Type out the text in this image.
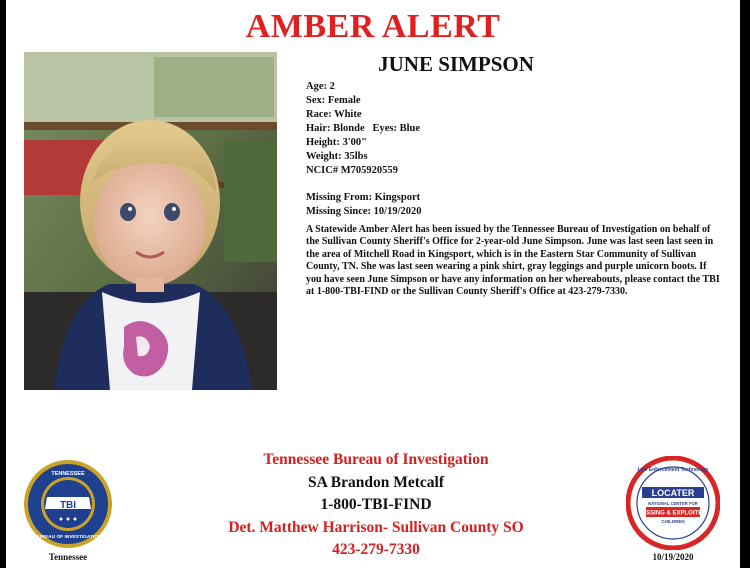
AMBER ALERT
JUNE SIMPSON
Age: 2
Sex: Female
Race: White
Hair: Blonde   Eyes: Blue
Height: 3'00"
Weight: 35lbs
NCIC# M705920559
Missing From: Kingsport
Missing Since: 10/19/2020
A Statewide Amber Alert has been issued by the Tennessee Bureau of Investigation on behalf of the Sullivan County Sheriff's Office for 2-year-old June Simpson. June was last seen last seen in the area of Mitchell Road in Kingsport, which is in the Eastern Star Community of Sullivan County, TN. She was last seen wearing a pink shirt, gray leggings and purple unicorn boots. If you have seen June Simpson or have any information on her whereabouts, please contact the TBI at 1-800-TBI-FIND or the Sullivan County Sheriff's Office at 423-279-7330.
Tennessee Bureau of Investigation
SA Brandon Metcalf
1-800-TBI-FIND
Det. Matthew Harrison- Sullivan County SO
423-279-7330
TBI
TENNESSEE
BUREAU OF INVESTIGATION
Tennessee
Law Enforcement Technology
LOCATER
NATIONAL CENTER FOR
MISSING & EXPLOITED
CHILDREN
10/19/2020
